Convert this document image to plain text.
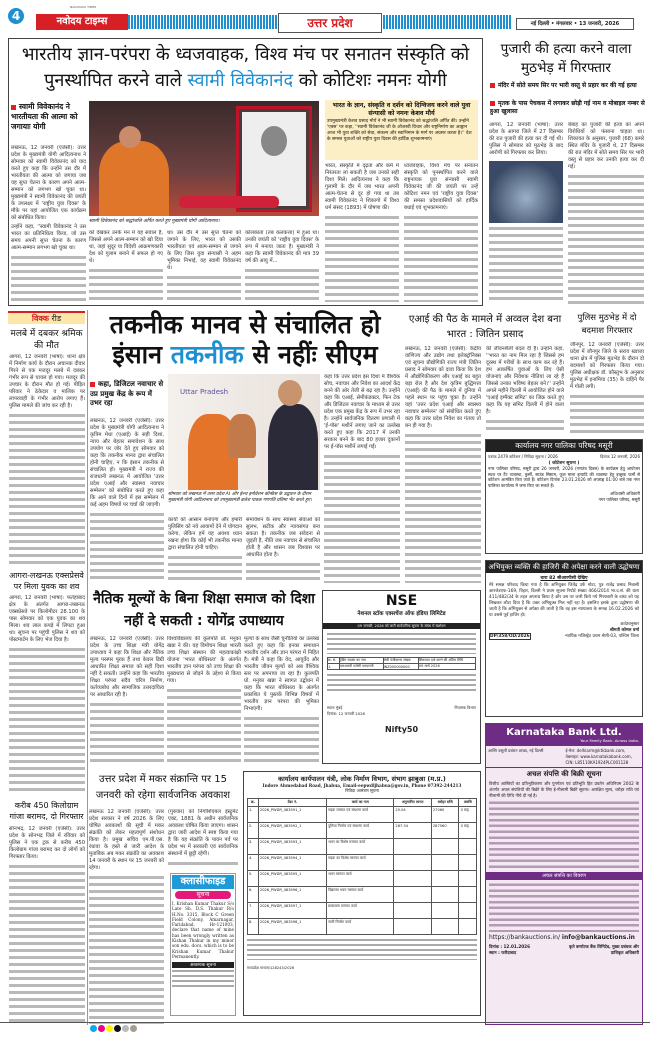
4
NAVODAYA TIMES
नवोदय टाइम्स	उत्तर प्रदेश	नई दिल्ली • मंगलवार • 13 जनवरी, 2026
भारतीय ज्ञान-परंपरा के ध्वजवाहक, विश्व मंच पर सनातन संस्कृति को पुनर्स्थापित करने वाले स्वामी विवेकानंद को कोटिशः नमनः योगी
स्वामी विवेकानंद ने भारतीयता की आत्मा को जगायाः योगी

लखनऊ, 12 जनवरी (एजेंसी): उत्तर प्रदेश के मुख्यमंत्री योगी आदित्यनाथ ने सोमवार को स्वामी विवेकानंद को याद करते हुए कहा कि उन्होंने उस दौर में भारतीयता की आत्मा को जगाया जब यह सुप्त चेतना के कारण अपने आत्म-सम्मान को लगभग खो चुका था। मुख्यमंत्री ने स्वामी विवेकानंद की जयंती के उपलक्ष्य में 'राष्ट्रीय युवा दिवस' के मौके पर यहां आयोजित एक कार्यक्रम को संबोधित किया।

उन्होंने कहा, ''स्वामी विवेकानंद ने उस भारत का प्रतिनिधित्व किया, जो उस समय अपनी सुप्त चेतना के कारण आत्म-सम्मान लगभग खो चुका था।

स्वामी विवेकानंद को श्रद्धांजलि अर्पित करते हुए मुख्यमंत्री योगी आदित्यनाथ।

को देखकर उनके मन में यह सवाल है, जिससे अपने आत्म-सम्मान को खो दिया था, जहां सुदूर या विदेशी आक्रमणकारी देश को गुलाम बनाने में सफल हो गए थे।

था। उस दौर में उस सुप्त चेतना को जगाने के लिए, भारत को उसकी भारतीयता एवं आत्म-सम्मान से जगाने के लिए जिस युवा संन्यासी ने अहम भूमिका निभाई, वह स्वामी विवेकानंद थे।

कोलकाता (तब कलकत्ता) में हुआ था। उनकी जयंती को 'राष्ट्रीय युवा दिवस' के रूप में मनाया जाता है। मुख्यमंत्री ने कहा कि स्वामी विवेकानंद की मात्र 39 वर्ष की आयु में...

भारत के ज्ञान, संस्कृति व दर्शन को दिग्विजय करने वाले युवा संन्यासी को नमनः केशव मौर्य
उपमुख्यमंत्री केशव प्रसाद मौर्य ने भी स्वामी विवेकानंद को श्रद्धांजलि अर्पित की। उन्होंने 'एक्स' पर कहा, ''स्वामी विवेकानंद जी के ओजस्वी विचार और राष्ट्रनिर्माण का आह्वान आज भी युवा शक्ति को सेवा, संकल्प और स्वाभिमान के मार्ग पर अग्रसर करता है।'' देश के समस्त युवाओं को राष्ट्रीय युवा दिवस की हार्दिक शुभकामनाएं।

भारत, संस्कृति में दृढ़ता और कर्म में निरंतरता ला सकती है जब उनको सही दिशा मिले। आदित्यनाथ ने कहा कि गुलामी के दौर में जब भारत अपनी आत्म-चेतना से दूर हो गया था तब स्वामी विवेकानंद ने शिकागो में विश्व धर्म संसद (1893) में घोषणा की।

ध्वजवाहक, विश्व मंच पर सनातन संस्कृति को पुनर्स्थापित करने वाले राष्ट्रनायक युवा संन्यासी स्वामी विवेकानंद जी की जयंती पर उन्हें कोटिशः नमन एवं 'राष्ट्रीय युवा दिवस' की समस्त प्रदेशवासियों को हार्दिक बधाई एवं शुभकामनाएं।

पुजारी की हत्या करने वाला मुठभेड़ में गिरफ्तार
मंदिर में सोते समय सिर पर भारी वस्तु से प्रहार कर की गई हत्या
मृतक के पास पेचकस में लगाकर छोड़ी गई नाम व मोबाइल नम्बर से हुआ खुलासा

आगरा, 12 जनवरी (भाषा): उत्तर प्रदेश के आगरा जिले में 27 दिसम्बर की रात पुजारी की हत्या कर दी गई थी। पुलिस ने सोमवार को मुठभेड़ के बाद आरोपी को गिरफ्तार कर लिया।

बेबाह का पुजारी की हत्या का अपने विरोधियों को फंसाना चाहता था। शिकायत के अनुसार, पुजारी (68) कमरे स्थित मंदिर के पुजारी थे, 27 दिसम्बर की रात मंदिर में सोते समय सिर पर भारी वस्तु से प्रहार कर उनकी हत्या कर दी गई।

विक्क रीड
मलबे में दबकर श्रमिक की मौत

आगरा, 12 जनवरी (भाषा): थाना क्षेत्र में निर्माण कार्य के दौरान अचानक दीवार गिरने से एक मजदूर मलबे में दबकर गंभीर रूप से घायल हो गया। मजदूर की उपचार के दौरान मौत हो गई। पीड़ित परिवार ने ठेकेदार व मालिक पर लापरवाही के गंभीर आरोप लगाए हैं। पुलिस मामले की जांच कर रही है।

आगरा-लखनऊ एक्सप्रेसवे पर मिला युवक का शव

आगरा, 12 जनवरी (भाषा): फतेहाबाद क्षेत्र के अंतर्गत आगरा-लखनऊ एक्सप्रेसवे पर किलोमीटर 28.100 के पास सोमवार को एक युवक का शव मिला। शव लाल कपड़े में लिपटा हुआ था। सूचना पर पहुंची पुलिस ने शव को पोस्टमार्टम के लिए भेज दिया है।

करीब 450 किलोग्राम गांजा बरामद, दो गिरफ्तार

सोनभद्र, 12 जनवरी (एजेंसी): उत्तर प्रदेश के सोनभद्र जिले में रविवार को पुलिस ने एक ट्रक से करीब 450 किलोग्राम गांजा बरामद कर दो लोगों को गिरफ्तार किया।

तकनीक मानव से संचालित हो
इंसान तकनीक से नहींः सीएम
कहा, डिजिटल नवाचार से उप्र प्रमुख केंद्र के रूप में उभर रहा

लखनऊ, 12 जनवरी (एजेंसी): उत्तर प्रदेश के मुख्यमंत्री योगी आदित्यनाथ ने कृत्रिम मेधा (एआई) के सही दिशा, न्याय और बेहतर समावेशन के साथ उपयोग पर जोर देते हुए सोमवार को कहा कि तकनीक मानव द्वारा संचालित होनी चाहिए, न कि इंसान तकनीक से संचालित हो। मुख्यमंत्री ने राज्य की राजधानी लखनऊ में आयोजित 'उत्तर प्रदेश एआई और स्वास्थ्य नवाचार सम्मेलन' को संबोधित करते हुए कहा कि आने वाले दिनों में इस सम्मेलन में कई अहम विषयों पर चर्चा की जाएगी।

Uttar Pradesh
सोमवार को लखनऊ में उत्तर प्रदेश AI और हेल्थ इनोवेशन कॉन्फ्रेंस के उद्घाटन के दौरान मुख्यमंत्री योगी आदित्यनाथ को उपमुख्यमंत्री ब्रजेश पाठक गणपति प्रतिमा भेंट करते हुए।

कार्यों को आसान बनाएगा और हमारी पुलिसिंग को नये आयामों देने में योगदान करेगा, लेकिन हमें यह अवश्य ध्यान रखना होगा कि कोई भी तकनीक मानव द्वारा संचालित होनी चाहिए।

समावेशन के साथ स्वास्थ्य सेवाओं को सुलभ, सटीक और न्यायसंगत बना सकता है। तकनीक जब संवेदना से जुड़ती है, नीति जब नवाचार से संचालित होती है और शासन जब विश्वास पर आधारित होता है।

कहा कि उत्तर प्रदेश इस दिशा में वैश्विक सोच, नवाचार और निवेश का आदर्श केंद्र बनने की ओर तेजी से बढ़ रहा है। उन्होंने कहा कि एआई, सेमीकंडक्टर, फिन टेक और डिजिटल नवाचार के माध्यम से उत्तर प्रदेश एक प्रमुख केंद्र के रूप में उभर रहा है। उन्होंने सार्वजनिक वितरण प्रणाली में 'ई-पॉस' मशीनें लगाए जाने का उल्लेख करते हुए कहा कि 2017 में उनकी सरकार बनने के बाद 80 हजार दुकानों पर ई-पॉस मशीनें लगाई गईं।

एआई की पैठ के मामले में अव्वल देश बना भारत : जितिन प्रसाद

लखनऊ, 12 जनवरी (एजेंसी): केंद्रीय वाणिज्य और उद्योग तथा इलेक्ट्रॉनिक्स एवं सूचना प्रौद्योगिकी राज्य मंत्री जितिन प्रसाद ने सोमवार को दावा किया कि देश में औद्योगिकीकरण और एआई का बहुत बड़ा रोल है और देश कृत्रिम बुद्धिमत्ता (एआई) की पैठ के मामले में दुनिया में पहले स्थान पर पहुंच चुका है। उन्होंने यहां 'उत्तर प्रदेश एआई और स्वास्थ्य नवाचार सम्मेलन' को संबोधित करते हुए कहा कि उत्तर प्रदेश निवेश का गंतव्य तो बन ही गया है।

की जीवनशैली बदल दी है। उन्होंने कहा, ''भारत का नाम मिल रहा है जिससे हम दूरस्थ में गरीबों के साथ काम कर रहे हैं। हम आकर्षित युवाओं के लिए ऐसी योजनाएं और निवेशक नीतियां ला रहे हैं जिससे उनका भविष्य बेहतर बने।'' उन्होंने अगले महीने दिल्ली में आयोजित होने वाले 'एआई इम्पैक्ट समिट' का जिक्र करते हुए कहा कि यह समिट दिल्ली में होने वाला है।

पुलिस मुठभेड़ में दो बदमाश गिरफ्तार

जौनपुर, 12 जनवरी (एजेंसी): उत्तर प्रदेश में जौनपुर जिले के सराय ख्वाजा थाना क्षेत्र में पुलिस मुठभेड़ के दौरान दो बदमाशों को गिरफ्तार किया गया। पुलिस अधीक्षक डॉ. कौस्तुभ के अनुसार मुठभेड़ में इनामिया (35) के दाहिने पैर में गोली लगी।

कार्यालय नगर पालिका परिषद मसूरी
पत्रांक 2479 कोटेशन / निविदा सूचना / 2026	दिनांक 12 जनवरी, 2026
( कोटेशन सूचना )
नगर पालिका परिषद, मसूरी द्वारा 26 जनवरी, 2026 (गणतंत्र दिवस) के कार्यक्रम हेतु आयोजन स्थल पर टैंट व्यवस्था, कुर्सी, साउंड सिस्टम, फूल माला इत्यादि की व्यवस्था हेतु इच्छुक फर्मों से कोटेशन आमंत्रित किए जाते हैं। कोटेशन दिनांक 23.01.2026 को अपराह्न 01:00 बजे तक नगर पालिका कार्यालय में जमा किए जा सकते हैं।
अधिशासी अधिकारी
नगर पालिका परिषद, मसूरी
अभियुक्त व्यक्ति की हाजिरी की अपेक्षा करने वाली उद्घोषणा
धारा 82 सीआरपीसी देखिए
मेरे समक्ष परिवाद किया गया है कि अभियुक्त जितेंद्र उर्फ मोटा, पुत्र राजेंद्र प्रसाद निवासी आरजेडएफ-169, विहार, दिल्ली ने प्रथम सूचना रिपोर्ट संख्या 466/2014 भा.द.सं. की धारा 411/482/34 के तहत अपराध किया है और उस पर जारी किये गये गिरफ्तारी के वारंट को यह लिखकर लौटा दिया है कि उक्त अभियुक्त मिल नहीं रहा है। इसलिए इसके द्वारा उद्घोषणा की जाती है कि अभियुक्त से अपेक्षा की जाती है कि वह इस न्यायालय के समक्ष 16.02.2026 को या उससे पूर्व हाजिर हो।
आदेशानुसार
श्रीमती कोमल वर्मा
DP/358/OD/2026	न्यायिक मजिस्ट्रेट प्रथम श्रेणी-03, पश्चिम जिला
Karnataka Bank Ltd.
Your Family Bank. Across India.
आस्ति वसूली प्रबंधन शाखा, नई दिल्ली	ई-मेल: delhiarm@ktkbank.com, वेबसाइट: www.karnatakabank.com, CIN: L85110KA1924PLC001128
अचल संपत्ति की बिक्री सूचना
वित्तीय आस्तियों का प्रतिभूतिकरण और पुनर्गठन एवं प्रतिभूति हित प्रवर्तन अधिनियम 2002 के अंतर्गत अचल संपत्तियों की बिक्री के लिए ई-नीलामी बिक्री सूचना। आरक्षित मूल्य, धरोहर राशि एवं नीलामी की तिथि नीचे दी गई है।
अचल संपत्ति का विवरण
https://bankauctions.in/ info@bankauctions.in
दिनांक : 12.01.2026
स्थान : फरीदाबाद
कृते कर्णाटक बैंक लिमिटेड, मुख्य प्रबंधक और प्राधिकृत अधिकारी
नैतिक मूल्यों के बिना शिक्षा समाज को दिशा नहीं दे सकती : योगेंद्र उपाध्याय

लखनऊ, 12 जनवरी (एजेंसी): उत्तर प्रदेश के उच्च शिक्षा मंत्री योगेंद्र उपाध्याय ने कहा कि शिक्षा और नैतिक मूल्य परस्पर पूरक हैं तथा केवल डिग्री आधारित शिक्षा समाज को सही दिशा नहीं दे सकती। उन्होंने कहा कि भारतीय शिक्षा परंपरा सदैव चरित्र निर्माण, कर्तव्यबोध और सामाजिक उत्तरदायित्व पर आधारित रही है।

विश्वविद्यालय की कुलपति प्रो. मनुका खन्ना ने की। यह विमोचन शिक्षा भारती उच्च शिक्षा संस्थान की महत्वाकांक्षी योजना 'भारत बोधिसत्व' के अंतर्गत भारतीय ज्ञान परंपरा को उच्च शिक्षा की मुख्यधारा से जोड़ने के उद्देश्य से किया गया।

मूल्यों के साथ जैसी चुनौतियों का उल्लेख करते हुए कहा कि इनका समाधान भारतीय दर्शन और ज्ञान परंपरा में निहित है। मंत्री ने कहा कि वेद, आयुर्वेद और भारतीय जीवन मूल्यों को अब वैश्विक स्तर पर अपनाया जा रहा है। कुलपति प्रो. मनुका खन्ना ने स्वागत उद्बोधन में कहा कि भारत बोधिसत्व के अंतर्गत प्रकाशित ये पुस्तकें विभिन्न विषयों में भारतीय ज्ञान परंपरा की भूमिका निभाएंगी।

NSE
नेशनल स्टॉक एक्सचेंज ऑफ इंडिया लिमिटेड
09 जनवरी, 2026 को जारी सार्वजनिक सूचना के संबंध में संशोधन
क्र. सं.	ट्रेडिंग सदस्य का नाम	सेबी पंजीकरण संख्या	शिकायत दर्ज करने की अंतिम तिथि
1.	एलआरवी एजेंसी एलएलपी	INZ000000000	09 मार्च 2026
स्थानः मुंबई
दिनांक: 12 जनवरी 2026
नियामक विभाग
Nifty50
उत्तर प्रदेश में मकर संक्रान्ति पर 15 जनवरी को रहेगा सार्वजनिक अवकाश

लखनऊ 12 जनवरी (एजेंसी): उत्तर प्रदेश सरकार ने वर्ष 2026 के लिए घोषित अवकाशों की सूची में मकर संक्रांति को लेकर महत्वपूर्ण संशोधन किया है। प्रमुख सचिव एम.पी.एस. रंधावा के हस्ते से जारी आदेश के मुताबिक अब मकर संक्रांति का अवकाश 14 जनवरी के स्थान पर 15 जनवरी को रहेगा।

(गुरुवार) को निगोशिएबल इंस्ट्रूमेंट एक्ट, 1881 के अधीन सार्वजनिक अवकाश घोषित किया जाएगा। शासन द्वारा जारी आदेश में स्पष्ट किया गया है कि यह संक्रांति के पावन पर्व पर प्रदेश भर में सरकारी एवं सार्वजनिक संस्थानों में छुट्टी रहेगी।

क्लासीफाइड
सूचना
I, Krishan Kumar Thakur S/o Late Sh. D.S. Thakur R/o H.No. 3315, Block C Green Field Colony, Amarnagar, Faridabad, Hr-121003, declare that name of mine has been wrongly written as Kishan Thakur in my minor son edu. docs. which is to be Krishan Kumar Thakur Permanently.
आवश्यक सूचना
कार्यालय कार्यपालन यंत्री, लोक निर्माण विभाग, संभाग झाबुआ (म.प्र.)
Indore Ahmedabad Road, Jhabua, Email-eepwdljhabua@gov.in, Phone 07392-244213
निविदा आमंत्रण सूचना
क्र.	टेंडर नं.	कार्य का नाम	अनुमानित लागत	धरोहर राशि	अवधि
1.	2026_PWDR_483591_1	सड़क मरम्मत एवं संधारण कार्य	25.04	27060	3 माह
2.	2026_PWDR_483592_1	पुलिया निर्माण एवं संधारण कार्य	287.34	287560	3 माह
3.	2026_PWDR_483593_1	भवन का विशेष मरम्मत कार्य			
4.	2026_PWDR_483594_1	सड़क का विशेष मरम्मत कार्य			
5.	2026_PWDR_483595_1	भवन मरम्मत कार्य			
6.	2026_PWDR_483596_1	विद्यालय भवन मरम्मत कार्य			
7.	2026_PWDR_483597_1	छात्रावास मरम्मत कार्य			
8.	2026_PWDR_483598_1	नाली निर्माण कार्य			
मध्यप्रदेश माध्यम/128243/2026
